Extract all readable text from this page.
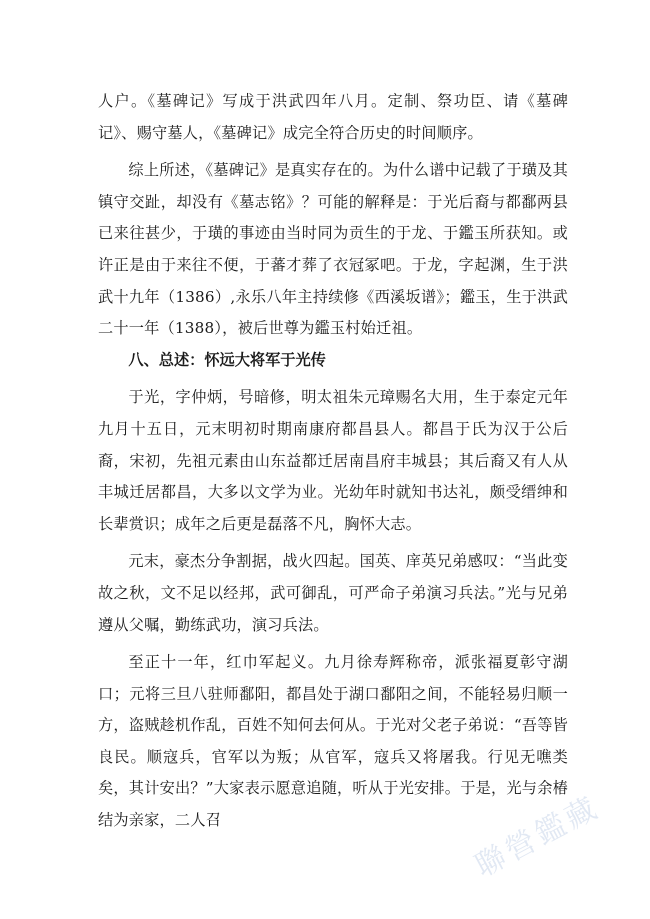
人户。《墓碑记》写成于洪武四年八月。定制、祭功臣、请《墓碑记》、赐守墓人，《墓碑记》成完全符合历史的时间顺序。

综上所述，《墓碑记》是真实存在的。为什么谱中记载了于璜及其镇守交趾，却没有《墓志铭》？可能的解释是：于光后裔与都鄱两县已来往甚少，于璜的事迹由当时同为贡生的于龙、于鑑玉所获知。或许正是由于来往不便，于蕃才葬了衣冠冢吧。于龙，字起渊，生于洪武十九年（1386）,永乐八年主持续修《西溪坂谱》；鑑玉，生于洪武二十一年（1388），被后世尊为鑑玉村始迁祖。

八、总述：怀远大将军于光传

于光，字仲炳，号暗修，明太祖朱元璋赐名大用，生于泰定元年九月十五日，元末明初时期南康府都昌县人。都昌于氏为汉于公后裔，宋初，先祖元素由山东益都迁居南昌府丰城县；其后裔又有人从丰城迁居都昌，大多以文学为业。光幼年时就知书达礼，颇受缙绅和长辈赏识；成年之后更是磊落不凡，胸怀大志。

元末，豪杰分争割据，战火四起。国英、庠英兄弟感叹：“当此变故之秋，文不足以经邦，武可御乱，可严命子弟演习兵法。”光与兄弟遵从父嘱，勤练武功，演习兵法。

至正十一年，红巾军起义。九月徐寿辉称帝，派张福夏彰守湖口；元将三旦八驻师鄱阳，都昌处于湖口鄱阳之间，不能轻易归顺一方，盗贼趁机作乱，百姓不知何去何从。于光对父老子弟说：“吾等皆良民。顺寇兵，官军以为叛；从官军，寇兵又将屠我。行见无噍类矣，其计安出？”大家表示愿意追随，听从于光安排。于是，光与余椿结为亲家，二人召	聯營鑑藏
